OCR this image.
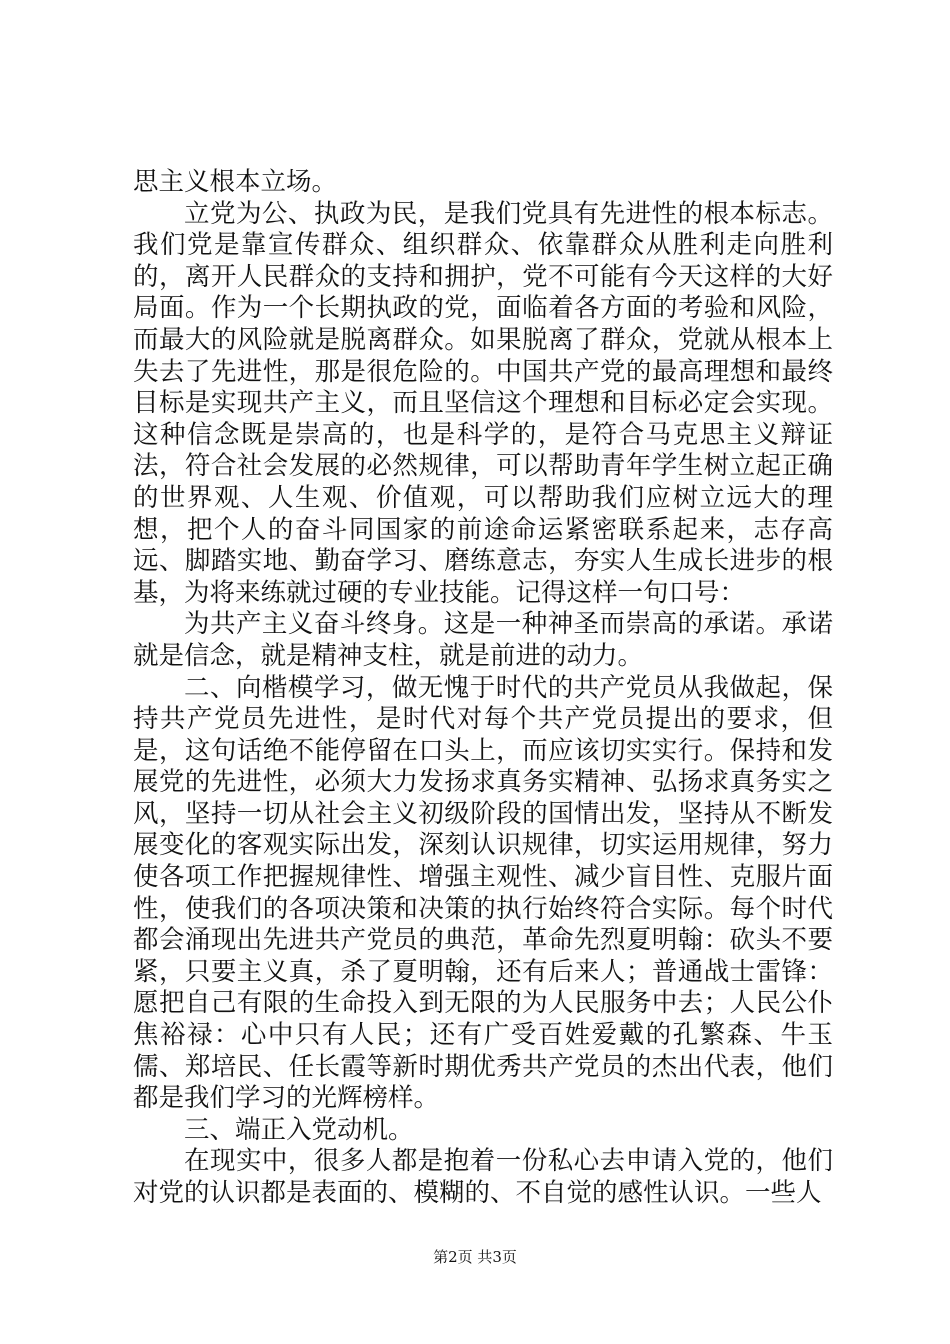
思主义根本立场。

立党为公、执政为民，是我们党具有先进性的根本标志。我们党是靠宣传群众、组织群众、依靠群众从胜利走向胜利的，离开人民群众的支持和拥护，党不可能有今天这样的大好局面。作为一个长期执政的党，面临着各方面的考验和风险，而最大的风险就是脱离群众。如果脱离了群众，党就从根本上失去了先进性，那是很危险的。中国共产党的最高理想和最终目标是实现共产主义，而且坚信这个理想和目标必定会实现。这种信念既是崇高的，也是科学的，是符合马克思主义辩证法，符合社会发展的必然规律，可以帮助青年学生树立起正确的世界观、人生观、价值观，可以帮助我们应树立远大的理想，把个人的奋斗同国家的前途命运紧密联系起来，志存高远、脚踏实地、勤奋学习、磨练意志，夯实人生成长进步的根基，为将来练就过硬的专业技能。记得这样一句口号：

为共产主义奋斗终身。这是一种神圣而崇高的承诺。承诺就是信念，就是精神支柱，就是前进的动力。

二、向楷模学习，做无愧于时代的共产党员从我做起，保持共产党员先进性，是时代对每个共产党员提出的要求，但是，这句话绝不能停留在口头上，而应该切实实行。保持和发展党的先进性，必须大力发扬求真务实精神、弘扬求真务实之风，坚持一切从社会主义初级阶段的国情出发，坚持从不断发展变化的客观实际出发，深刻认识规律，切实运用规律，努力使各项工作把握规律性、增强主观性、减少盲目性、克服片面性，使我们的各项决策和决策的执行始终符合实际。每个时代都会涌现出先进共产党员的典范，革命先烈夏明翰：砍头不要紧，只要主义真，杀了夏明翰，还有后来人；普通战士雷锋：愿把自己有限的生命投入到无限的为人民服务中去；人民公仆焦裕禄：心中只有人民；还有广受百姓爱戴的孔繁森、牛玉儒、郑培民、任长霞等新时期优秀共产党员的杰出代表，他们都是我们学习的光辉榜样。

三、端正入党动机。

在现实中，很多人都是抱着一份私心去申请入党的，他们对党的认识都是表面的、模糊的、不自觉的感性认识。一些人

第2页 共3页
